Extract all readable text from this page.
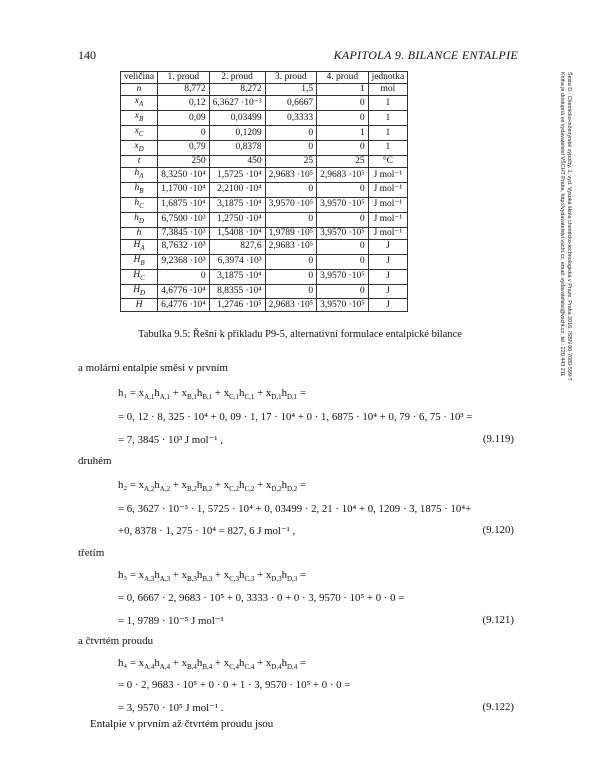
140	KAPITOLA 9. BILANCE ENTALPIE
Šesta D.: Chemicko-inženýrské výpočty. 1. vyd. Vysoká škola chemicko-technologická v Praze, Praha 2016. ISBN 80-7080-599-7
Kniha je dostupná ve vydavatelství VŠCHT Praha, http://vydavatelstvi.vscht.cz, email: vydavatelstvi@vscht.cz, tel.: 220 443 211
veličina	1. proud	2. proud	3. proud	4. proud	jednotka
n	8,772	8,272	1,5	1	mol
$x_A$	0,12	6,3627 ·10⁻³	0,6667	0	1
$x_B$	0,09	0,03499	0,3333	0	1
$x_C$	0	0,1209	0	1	1
$x_D$	0,79	0,8378	0	0	1
t	250	450	25	25	°C
$h_A$	8,3250 ·10⁴	1,5725 ·10⁴	2,9683 ·10⁵	2,9683 ·10⁵	J mol⁻¹
$h_B$	1,1700 ·10⁴	2,2100 ·10⁴	0	0	J mol⁻¹
$h_C$	1,6875 ·10⁴	3,1875 ·10⁴	3,9570 ·10⁵	3,9570 ·10⁵	J mol⁻¹
$h_D$	6,7500 ·10³	1,2750 ·10⁴	0	0	J mol⁻¹
h	7,3845 ·10³	1,5408 ·10⁴	1,9789 ·10⁵	3,9570 ·10⁵	J mol⁻¹
$H_A$	8,7632 ·10³	827,6	2,9683 ·10⁵	0	J
$H_B$	9,2368 ·10³	6,3974 ·10³	0	0	J
$H_C$	0	3,1875 ·10⁴	0	3,9570 ·10⁵	J
$H_D$	4,6776 ·10⁴	8,8355 ·10⁴	0	0	J
H	6,4776 ·10⁴	1,2746 ·10⁵	2,9683 ·10⁵	3,9570 ·10⁵	J
Tabulka 9.5: Řešní k příkladu P9-5, alternativní formulace entalpické bilance
a molární entalpie směsi v prvním
$h_1 = x_{A,1}h_{A,1} + x_{B,1}h_{B,1} + x_{C,1}h_{C,1} + x_{D,1}h_{D,1}$ =
= 0, 12 · 8, 325 · 10⁴ + 0, 09 · 1, 17 · 10⁴ + 0 · 1, 6875 · 10⁴ + 0, 79 · 6, 75 · 10³ =
= 7, 3845 · 10³ J mol⁻¹ ,	(9.119)
druhém
$h_2 = x_{A,2}h_{A,2} + x_{B,2}h_{B,2} + x_{C,2}h_{C,2} + x_{D,2}h_{D,2}$ =
= 6, 3627 · 10⁻³ · 1, 5725 · 10⁴ + 0, 03499 · 2, 21 · 10⁴ + 0, 1209 · 3, 1875 · 10⁴+
+0, 8378 · 1, 275 · 10⁴ = 827, 6 J mol⁻¹ ,	(9.120)
třetím
$h_3 = x_{A,3}h_{A,3} + x_{B,3}h_{B,3} + x_{C,3}h_{C,3} + x_{D,3}h_{D,3}$ =
= 0, 6667 · 2, 9683 · 10⁵ + 0, 3333 · 0 + 0 · 3, 9570 · 10⁵ + 0 · 0 =
= 1, 9789 · 10⁻⁵ J mol⁻¹	(9.121)
a čtvrtém proudu
$h_4 = x_{A,4}h_{A,4} + x_{B,4}h_{B,4} + x_{C,4}h_{C,4} + x_{D,4}h_{D,4}$ =
= 0 · 2, 9683 · 10⁵ + 0 · 0 + 1 · 3, 9570 · 10⁵ + 0 · 0 =
= 3, 9570 · 10⁵ J mol⁻¹ .	(9.122)
Entalpie v prvním až čtvrtém proudu jsou
